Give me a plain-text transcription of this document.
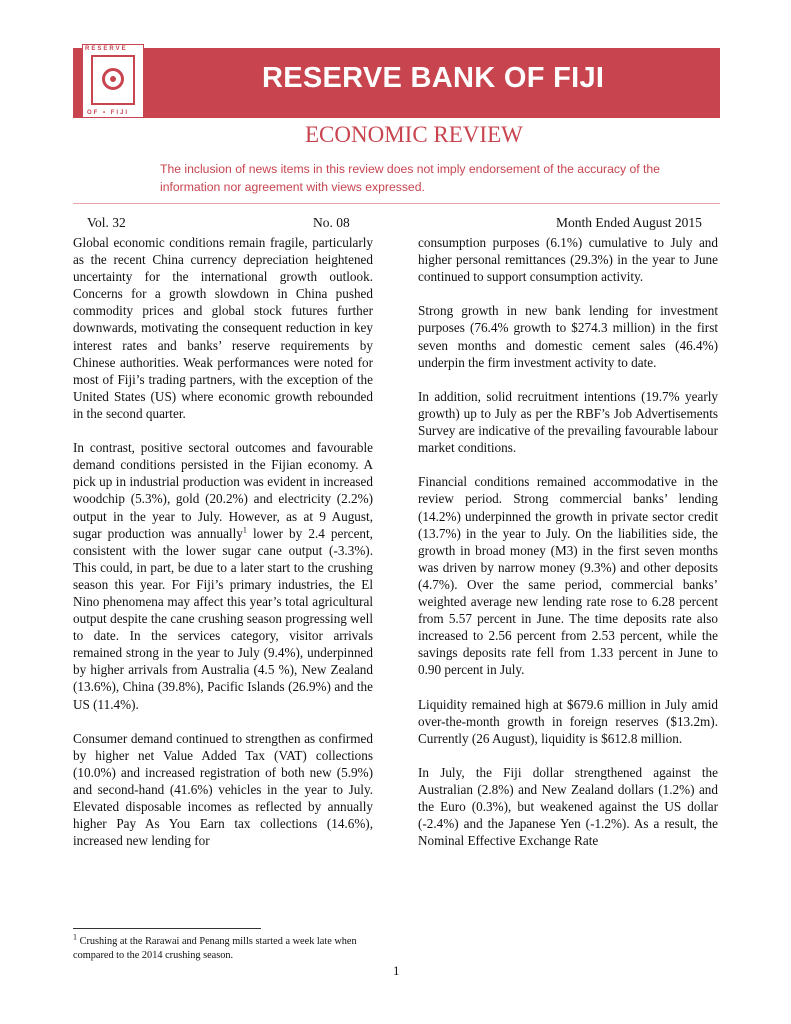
RESERVE
OF • FIJI
RESERVE BANK OF FIJI
ECONOMIC REVIEW
The inclusion of news items in this review does not imply endorsement of the accuracy of the information nor agreement with views expressed.
Vol. 32	No. 08	Month Ended August 2015

Global economic conditions remain fragile, particularly as the recent China currency depreciation heightened uncertainty for the international growth outlook. Concerns for a growth slowdown in China pushed commodity prices and global stock futures further downwards, motivating the consequent reduction in key interest rates and banks’ reserve requirements by Chinese authorities. Weak performances were noted for most of Fiji’s trading partners, with the exception of the United States (US) where economic growth rebounded in the second quarter.

In contrast, positive sectoral outcomes and favourable demand conditions persisted in the Fijian economy. A pick up in industrial production was evident in increased woodchip (5.3%), gold (20.2%) and electricity (2.2%) output in the year to July. However, as at 9 August, sugar production was annually$^1$ lower by 2.4 percent, consistent with the lower sugar cane output (-3.3%). This could, in part, be due to a later start to the crushing season this year. For Fiji’s primary industries, the El Nino phenomena may affect this year’s total agricultural output despite the cane crushing season progressing well to date. In the services category, visitor arrivals remained strong in the year to July (9.4%), underpinned by higher arrivals from Australia (4.5 %), New Zealand (13.6%), China (39.8%), Pacific Islands (26.9%) and the US (11.4%).

Consumer demand continued to strengthen as confirmed by higher net Value Added Tax (VAT) collections (10.0%) and increased registration of both new (5.9%) and second-hand (41.6%) vehicles in the year to July. Elevated disposable incomes as reflected by annually higher Pay As You Earn tax collections (14.6%), increased new lending for

consumption purposes (6.1%) cumulative to July and higher personal remittances (29.3%) in the year to June continued to support consumption activity.

Strong growth in new bank lending for investment purposes (76.4% growth to $274.3 million) in the first seven months and domestic cement sales (46.4%) underpin the firm investment activity to date.

In addition, solid recruitment intentions (19.7% yearly growth) up to July as per the RBF’s Job Advertisements Survey are indicative of the prevailing favourable labour market conditions.

Financial conditions remained accommodative in the review period. Strong commercial banks’ lending (14.2%) underpinned the growth in private sector credit (13.7%) in the year to July. On the liabilities side, the growth in broad money (M3) in the first seven months was driven by narrow money (9.3%) and other deposits (4.7%). Over the same period, commercial banks’ weighted average new lending rate rose to 6.28 percent from 5.57 percent in June. The time deposits rate also increased to 2.56 percent from 2.53 percent, while the savings deposits rate fell from 1.33 percent in June to 0.90 percent in July.

Liquidity remained high at $679.6 million in July amid over-the-month growth in foreign reserves ($13.2m). Currently (26 August), liquidity is $612.8 million.

In July, the Fiji dollar strengthened against the Australian (2.8%) and New Zealand dollars (1.2%) and the Euro (0.3%), but weakened against the US dollar (-2.4%) and the Japanese Yen (-1.2%). As a result, the Nominal Effective Exchange Rate

$^1$ Crushing at the Rarawai and Penang mills started a week late when compared to the 2014 crushing season.
1
